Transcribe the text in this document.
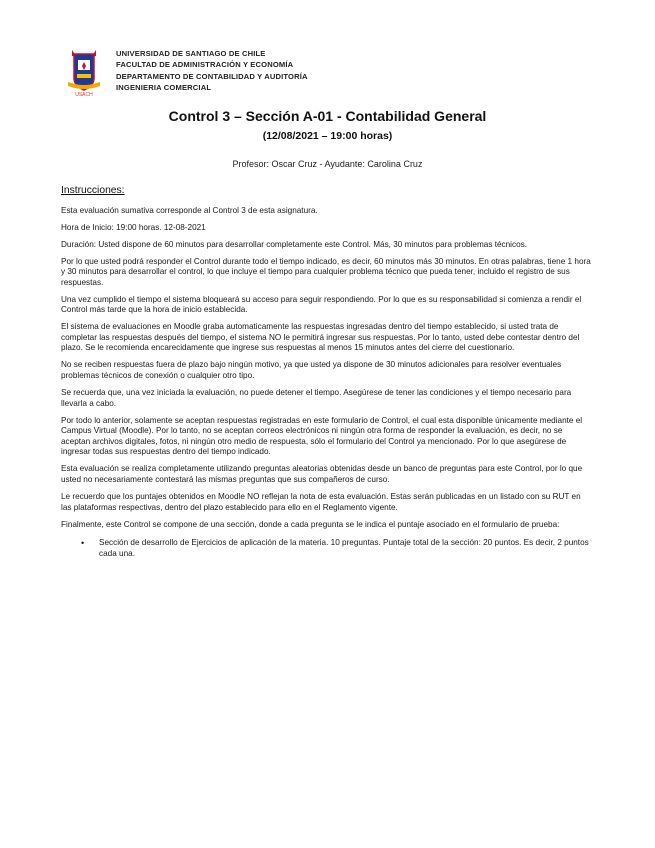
USACH
UNIVERSIDAD DE SANTIAGO DE CHILE
FACULTAD DE ADMINISTRACIÓN Y ECONOMÍA
DEPARTAMENTO DE CONTABILIDAD Y AUDITORÍA
INGENIERIA COMERCIAL
Control 3 – Sección A-01 - Contabilidad General
(12/08/2021 – 19:00 horas)
Profesor: Oscar Cruz - Ayudante: Carolina Cruz
Instrucciones:

Esta evaluación sumativa corresponde al Control 3 de esta asignatura.

Hora de Inicio: 19:00 horas. 12-08-2021

Duración: Usted dispone de 60 minutos para desarrollar completamente este Control. Más, 30 minutos para problemas técnicos.

Por lo que usted podrá responder el Control durante todo el tiempo indicado, es decir, 60 minutos más 30 minutos. En otras palabras, tiene 1 hora y 30 minutos para desarrollar el control, lo que incluye el tiempo para cualquier problema técnico que pueda tener, incluido el registro de sus respuestas.

Una vez cumplido el tiempo el sistema bloqueará su acceso para seguir respondiendo. Por lo que es su responsabilidad si comienza a rendir el Control más tarde que la hora de inicio establecida.

El sistema de evaluaciones en Moodle graba automaticamente las respuestas ingresadas dentro del tiempo establecido, si usted trata de completar las respuestas después del tiempo, el sistema NO le permitirá ingresar sus respuestas. Por lo tanto, usted debe contestar dentro del plazo. Se le recomienda encarecidamente que ingrese sus respuestas al menos 15 minutos antes del cierre del cuestionario.

No se reciben respuestas fuera de plazo bajo ningún motivo, ya que usted ya dispone de 30 minutos adicionales para resolver eventuales problemas técnicos de conexión o cualquier otro tipo.

Se recuerda que, una vez iniciada la evaluación, no puede detener el tiempo. Asegúrese de tener las condiciones y el tiempo necesario para llevarla a cabo.

Por todo lo anterior, solamente se aceptan respuestas registradas en este formulario de Control, el cual esta disponible únicamente mediante el Campus Virtual (Moodle). Por lo tanto, no se aceptan correos electrónicos ni ningún otra forma de responder la evaluación, es decir, no se aceptan archivos digitales, fotos, ni ningún otro medio de respuesta, sólo el formulario del Control ya mencionado. Por lo que asegúrese de ingresar todas sus respuestas dentro del tiempo indicado.

Esta evaluación se realiza completamente utilizando preguntas aleatorias obtenidas desde un banco de preguntas para este Control, por lo que usted no necesariamente contestará las mismas preguntas que sus compañeros de curso.

Le recuerdo que los puntajes obtenidos en Moodle NO reflejan la nota de esta evaluación. Estas serán publicadas en un listado con su RUT en las plataformas respectivas, dentro del plazo establecido para ello en el Reglamento vigente.

Finalmente, este Control se compone de una sección, donde a cada pregunta se le indica el puntaje asociado en el formulario de prueba:

• Sección de desarrollo de Ejercicios de aplicación de la materia. 10 preguntas. Puntaje total de la sección: 20 puntos. Es decir, 2 puntos cada una.
